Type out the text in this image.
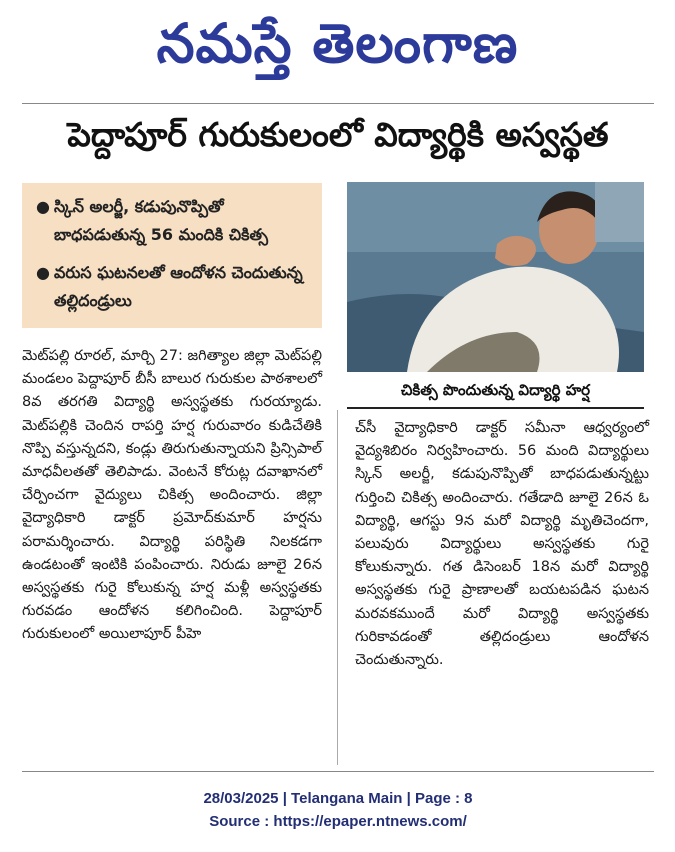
నమస్తే తెలంగాణ
పెద్దాపూర్ గురుకులంలో విద్యార్థికి అస్వస్థత
● స్కిన్ అలర్జీ, కడుపునొప్పితో బాధపడుతున్న 56 మందికి చికిత్స
● వరుస ఘటనలతో ఆందోళన చెందుతున్న తల్లిదండ్రులు
చికిత్స పొందుతున్న విద్యార్థి హర్ష

మెట్‌పల్లి రూరల్, మార్చి 27: జగిత్యాల జిల్లా మెట్‌పల్లి మండలం పెద్దాపూర్ బీసీ బాలుర గురుకుల పాఠశాలలో 8వ తరగతి విద్యార్థి అస్వస్థతకు గురయ్యాడు. మెట్‌పల్లికి చెందిన రాపర్తి హర్ష గురువారం కుడిచేతికి నొప్పి వస్తున్నదని, కండ్లు తిరుగుతున్నాయని ప్రిన్సిపాల్ మాధవీలతతో తెలిపాడు. వెంటనే కోరుట్ల దవాఖానలో చేర్పించగా వైద్యులు చికిత్స అందించారు. జిల్లా వైద్యాధికారి డాక్టర్ ప్రమోద్‌కుమార్ హర్షను పరామర్శించారు. విద్యార్థి పరిస్థితి నిలకడగా ఉండటంతో ఇంటికి పంపించారు. నిరుడు జూలై 26న అస్వస్థతకు గురై కోలుకున్న హర్ష మళ్లీ అస్వస్థతకు గురవడం ఆందోళన కలిగించింది. పెద్దాపూర్ గురుకులంలో అయిలాపూర్ పీహె

చ్‌సీ వైద్యాధికారి డాక్టర్ సమీనా ఆధ్వర్యంలో వైద్యశిబిరం నిర్వహించారు. 56 మంది విద్యార్థులు స్కిన్ అలర్జీ, కడుపునొప్పితో బాధపడుతున్నట్టు గుర్తించి చికిత్స అందించారు. గతేడాది జూలై 26న ఓ విద్యార్థి, ఆగస్టు 9న మరో విద్యార్థి మృతిచెందగా, పలువురు విద్యార్థులు అస్వస్థతకు గురై కోలుకున్నారు. గత డిసెంబర్ 18న మరో విద్యార్థి అస్వస్థతకు గురై ప్రాణాలతో బయటపడిన ఘటన మరవకముందే మరో విద్యార్థి అస్వస్థతకు గురికావడంతో తల్లిదండ్రులు ఆందోళన చెందుతున్నారు.

28/03/2025 | Telangana Main | Page : 8
Source : https://epaper.ntnews.com/
